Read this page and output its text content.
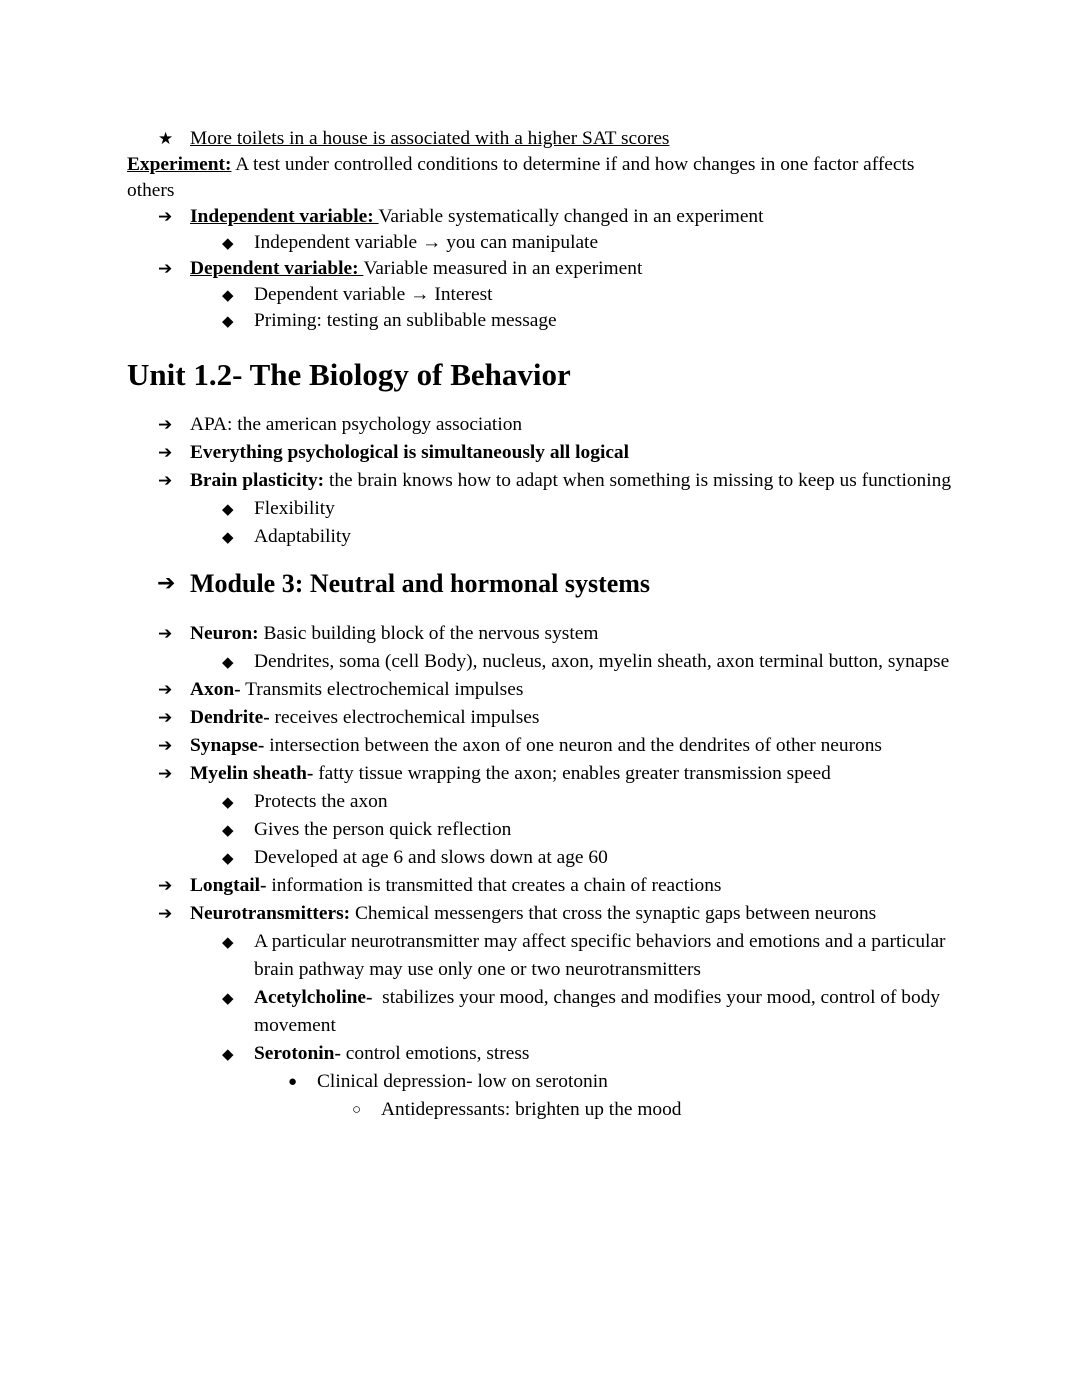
★ More toilets in a house is associated with a higher SAT scores
Experiment: A test under controlled conditions to determine if and how changes in one factor affects others
➔ Independent variable: Variable systematically changed in an experiment
◆ Independent variable → you can manipulate
➔ Dependent variable: Variable measured in an experiment
◆ Dependent variable → Interest
◆ Priming: testing an sublibable message
Unit 1.2- The Biology of Behavior
➔ APA: the american psychology association
➔ Everything psychological is simultaneously all logical
➔ Brain plasticity: the brain knows how to adapt when something is missing to keep us functioning
◆ Flexibility
◆ Adaptability
➔ Module 3: Neutral and hormonal systems
➔ Neuron: Basic building block of the nervous system
◆ Dendrites, soma (cell Body), nucleus, axon, myelin sheath, axon terminal button, synapse
➔ Axon- Transmits electrochemical impulses
➔ Dendrite- receives electrochemical impulses
➔ Synapse- intersection between the axon of one neuron and the dendrites of other neurons
➔ Myelin sheath- fatty tissue wrapping the axon; enables greater transmission speed
◆ Protects the axon
◆ Gives the person quick reflection
◆ Developed at age 6 and slows down at age 60
➔ Longtail- information is transmitted that creates a chain of reactions
➔ Neurotransmitters: Chemical messengers that cross the synaptic gaps between neurons
◆ A particular neurotransmitter may affect specific behaviors and emotions and a particular brain pathway may use only one or two neurotransmitters
◆ Acetylcholine-  stabilizes your mood, changes and modifies your mood, control of body movement
◆ Serotonin- control emotions, stress
● Clinical depression- low on serotonin
○ Antidepressants: brighten up the mood
